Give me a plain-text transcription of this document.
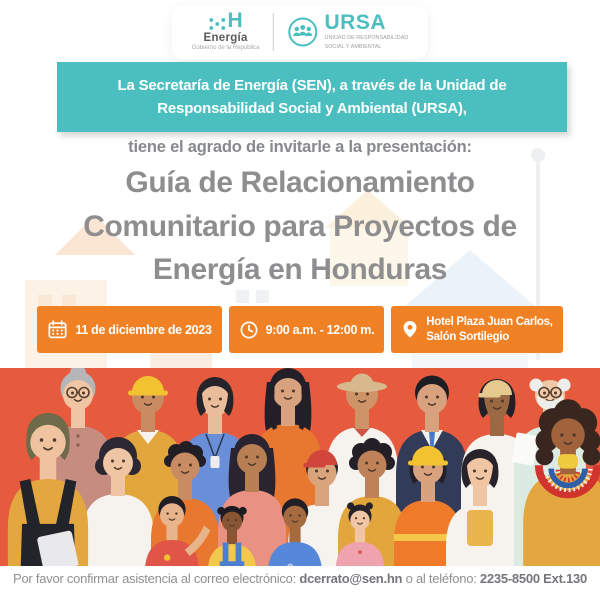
H
Energía
Gobierno de la República
URSA
UNIDAD DE RESPONSABILIDAD
SOCIAL Y AMBIENTAL
La Secretaría de Energía (SEN), a través de la Unidad de
Responsabilidad Social y Ambiental (URSA),
tiene el agrado de invitarle a la presentación:
Guía de Relacionamiento
Comunitario para Proyectos de
Energía en Honduras
11 de diciembre de 2023	9:00 a.m. - 12:00 m.
Hotel Plaza Juan Carlos,
Salón Sortilegio

Por favor confirmar asistencia al correo electrónico: dcerrato@sen.hn o al teléfono: 2235-8500 Ext.130
